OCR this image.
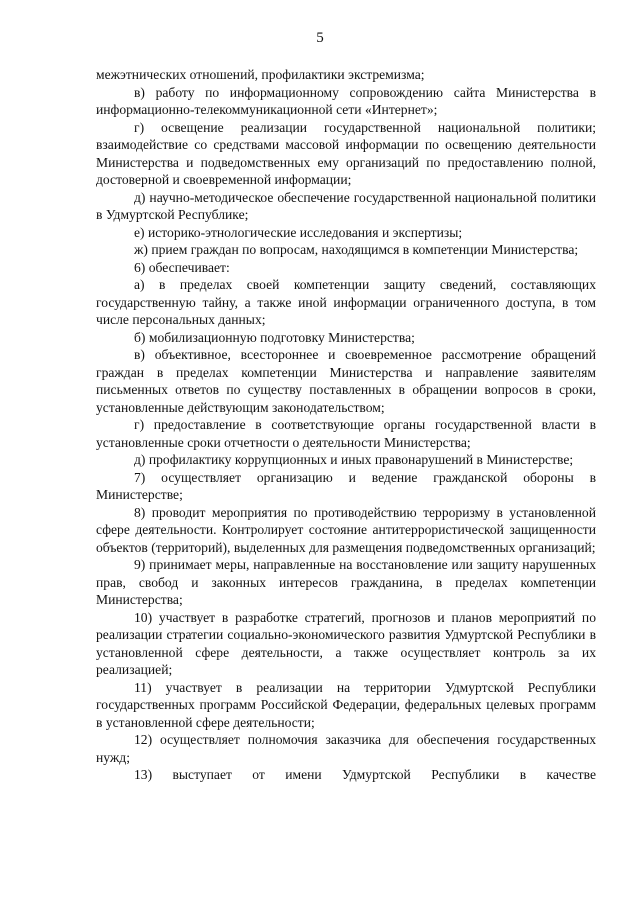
5

межэтнических отношений, профилактики экстремизма;

в) работу по информационному сопровождению сайта Министерства в информационно-телекоммуникационной сети «Интернет»;

г) освещение реализации государственной национальной политики; взаимодействие со средствами массовой информации по освещению деятельности Министерства и подведомственных ему организаций по предоставлению полной, достоверной и своевременной информации;

д) научно-методическое обеспечение государственной национальной политики в Удмуртской Республике;

е) историко-этнологические исследования и экспертизы;

ж) прием граждан по вопросам, находящимся в компетенции Министерства;

6) обеспечивает:

а) в пределах своей компетенции защиту сведений, составляющих государственную тайну, а также иной информации ограниченного доступа, в том числе персональных данных;

б) мобилизационную подготовку Министерства;

в) объективное, всестороннее и своевременное рассмотрение обращений граждан в пределах компетенции Министерства и направление заявителям письменных ответов по существу поставленных в обращении вопросов в сроки, установленные действующим законодательством;

г) предоставление в соответствующие органы государственной власти в установленные сроки отчетности о деятельности Министерства;

д) профилактику коррупционных и иных правонарушений в Министерстве;

7) осуществляет организацию и ведение гражданской обороны в Министерстве;

8) проводит мероприятия по противодействию терроризму в установленной сфере деятельности. Контролирует состояние антитеррористической защищенности объектов (территорий), выделенных для размещения подведомственных организаций;

9) принимает меры, направленные на восстановление или защиту нарушенных прав, свобод и законных интересов гражданина, в пределах компетенции Министерства;

10) участвует в разработке стратегий, прогнозов и планов мероприятий по реализации стратегии социально-экономического развития Удмуртской Республики в установленной сфере деятельности, а также осуществляет контроль за их реализацией;

11) участвует в реализации на территории Удмуртской Республики государственных программ Российской Федерации, федеральных целевых программ в установленной сфере деятельности;

12) осуществляет полномочия заказчика для обеспечения государственных нужд;

13) выступает от имени Удмуртской Республики в качестве
